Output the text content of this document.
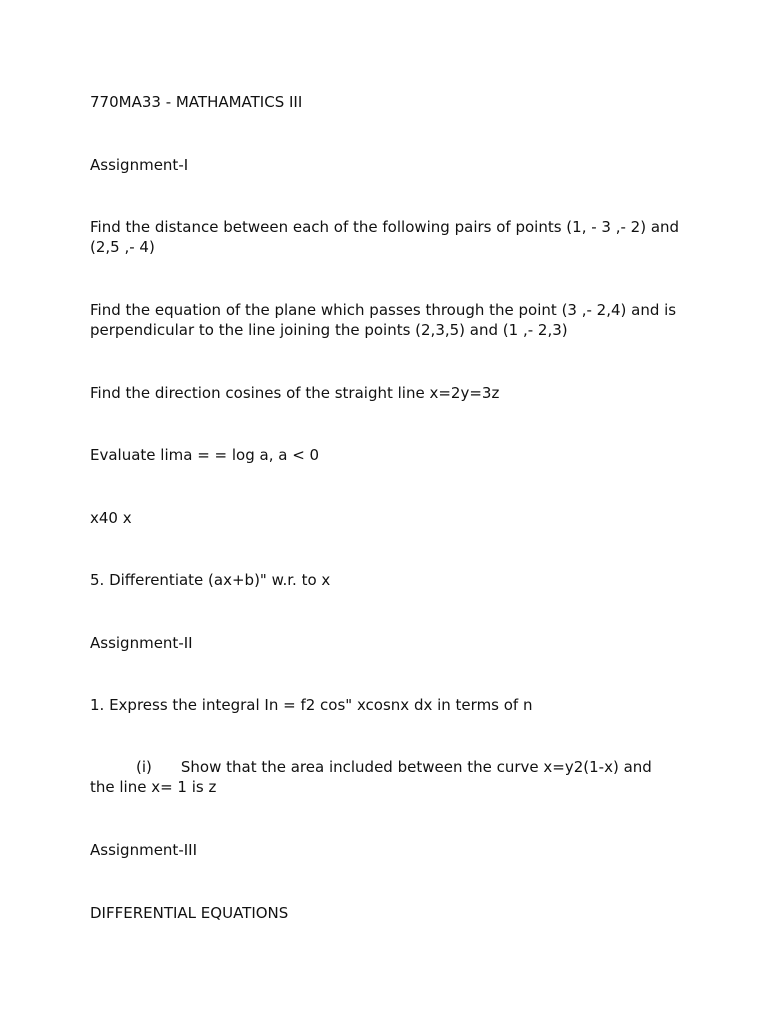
770MA33 - MATHAMATICS III

Assignment-I

Find the distance between each of the following pairs of points (1, - 3 ,- 2) and (2,5 ,- 4)

Find the equation of the plane which passes through the point (3 ,- 2,4) and is perpendicular to the line joining the points (2,3,5) and (1 ,- 2,3)

Find the direction cosines of the straight line x=2y=3z

Evaluate lima = = log a, a < 0

x40 x

5. Differentiate (ax+b)" w.r. to x

Assignment-II

1. Express the integral In = f2 cos" xcosnx dx in terms of n

(i) Show that the area included between the curve x=y2(1-x) and the line x= 1 is z

Assignment-III

DIFFERENTIAL EQUATIONS
